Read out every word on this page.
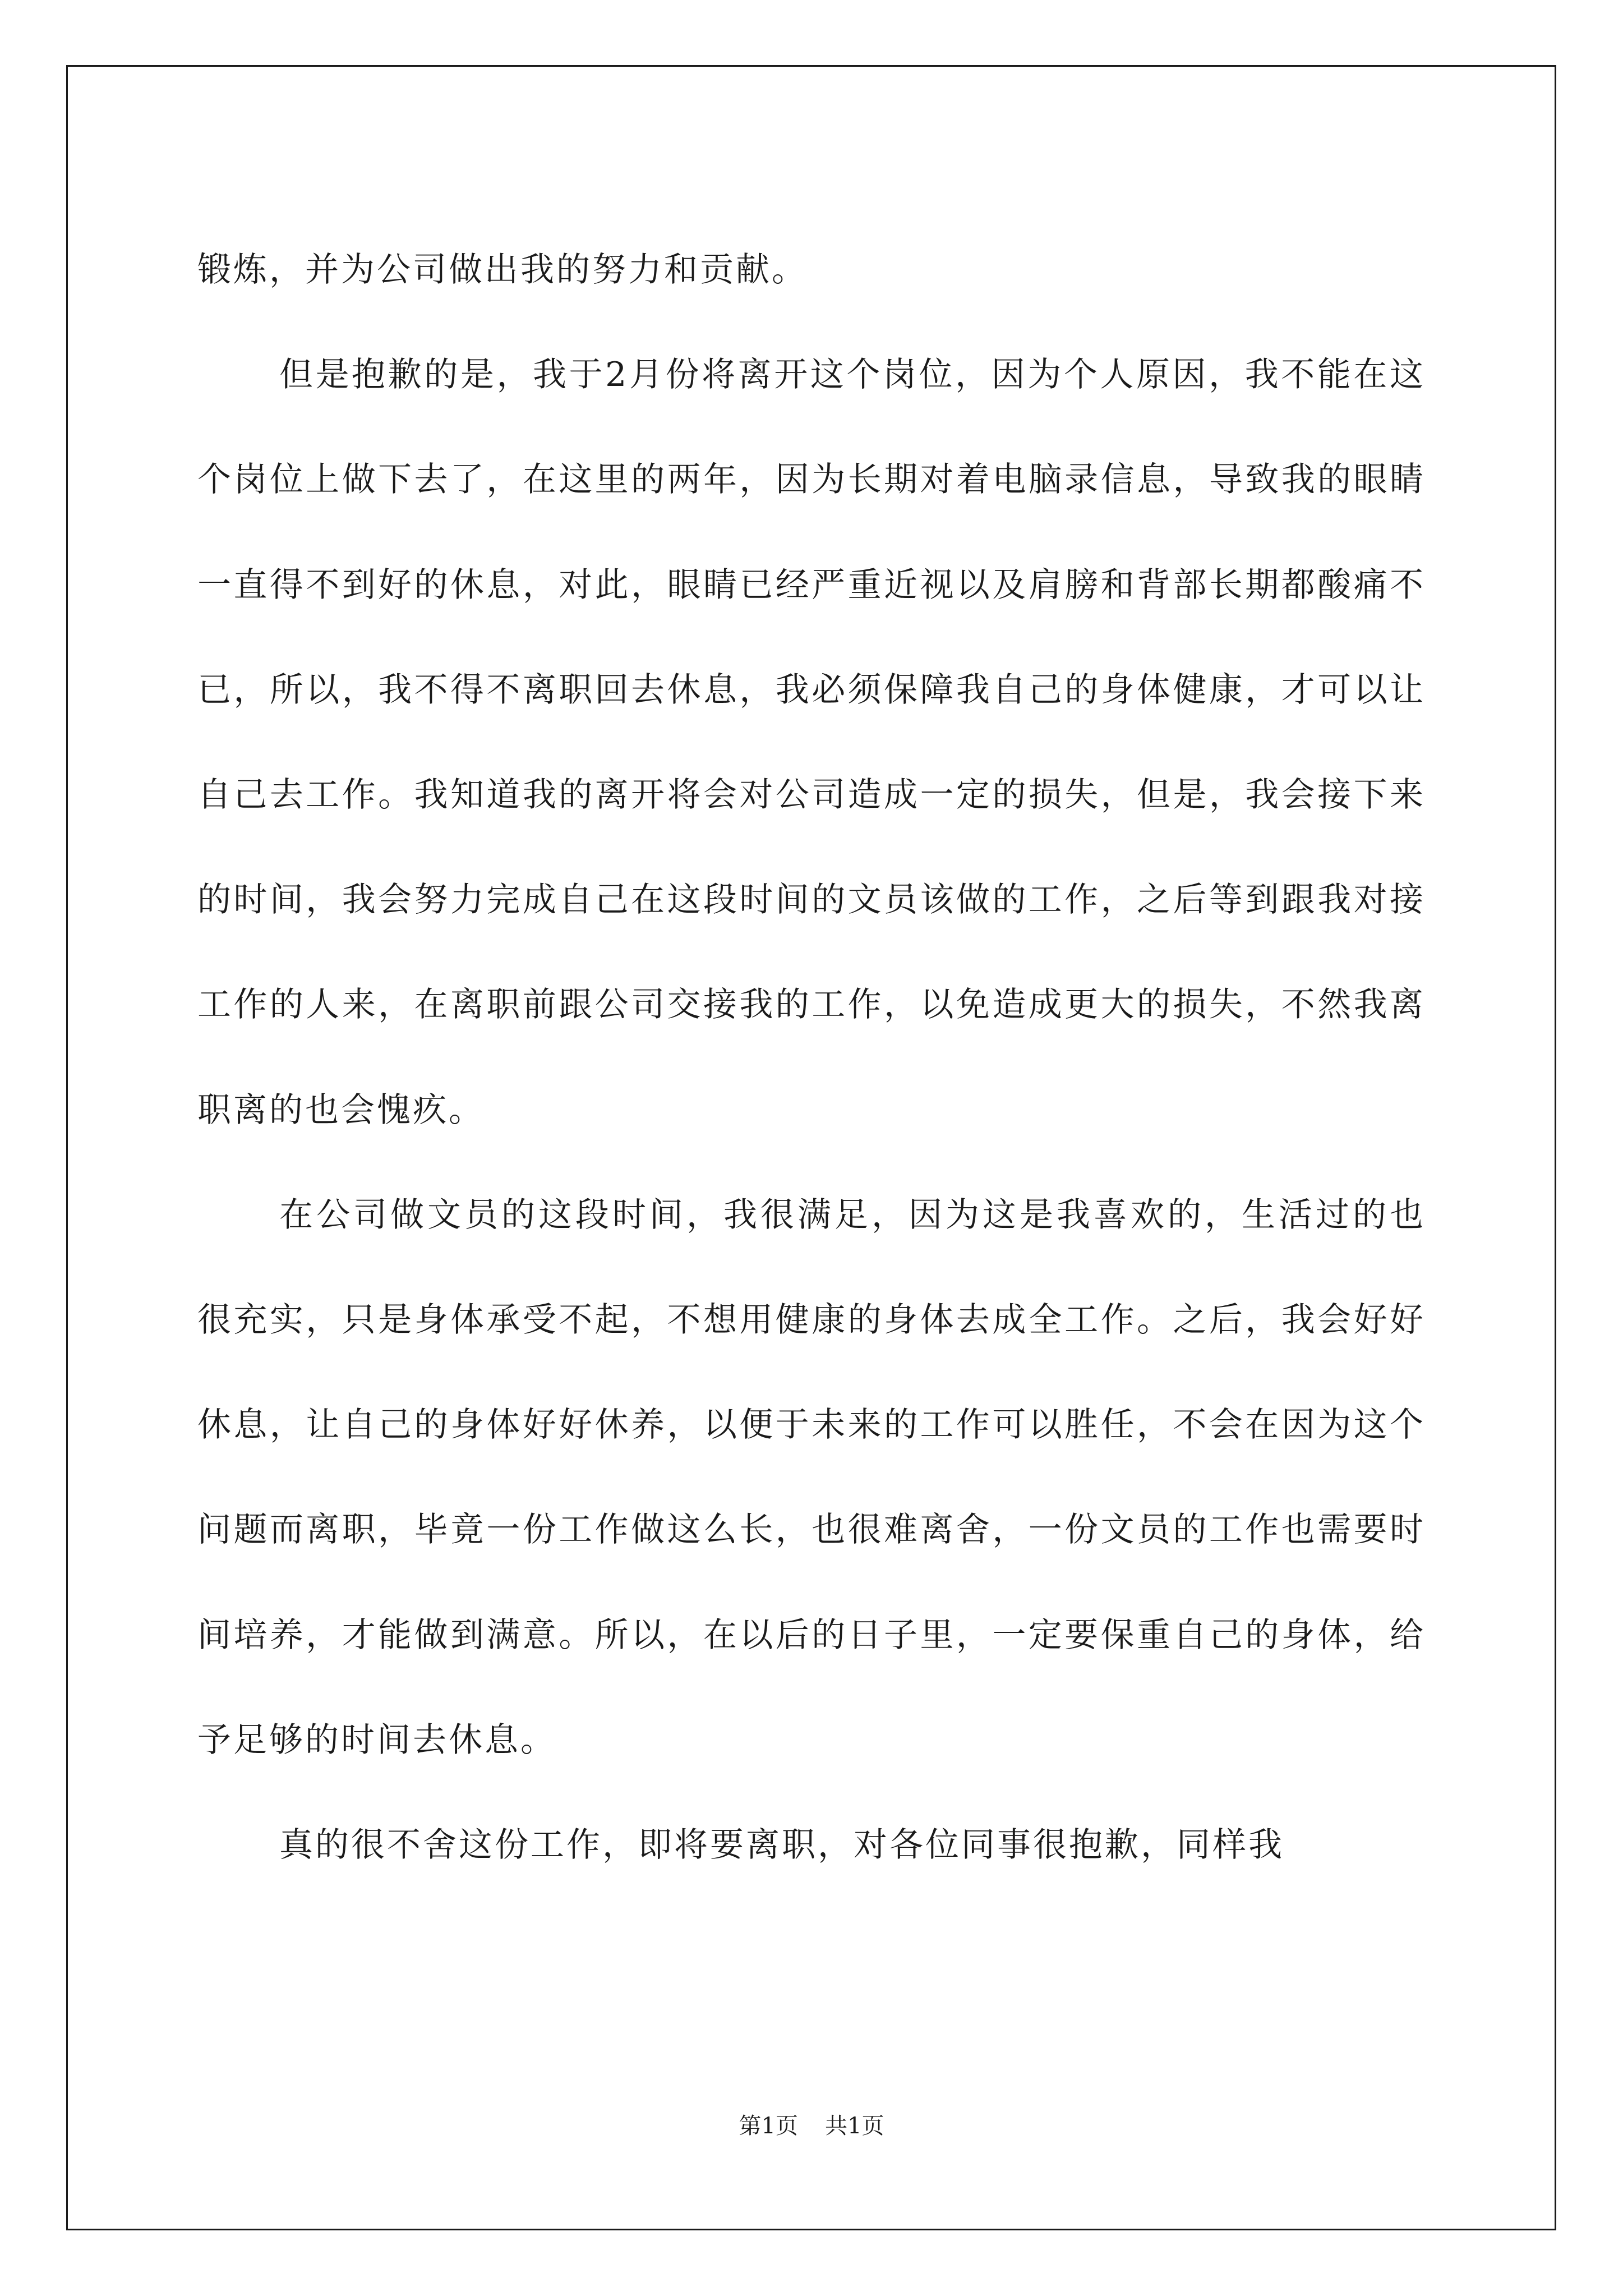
锻炼，并为公司做出我的努力和贡献。

但是抱歉的是，我于2月份将离开这个岗位，因为个人原因，我不能在这个岗位上做下去了，在这里的两年，因为长期对着电脑录信息，导致我的眼睛一直得不到好的休息，对此，眼睛已经严重近视以及肩膀和背部长期都酸痛不已，所以，我不得不离职回去休息，我必须保障我自己的身体健康，才可以让自己去工作。我知道我的离开将会对公司造成一定的损失，但是，我会接下来的时间，我会努力完成自己在这段时间的文员该做的工作，之后等到跟我对接工作的人来，在离职前跟公司交接我的工作，以免造成更大的损失，不然我离职离的也会愧疚。

在公司做文员的这段时间，我很满足，因为这是我喜欢的，生活过的也很充实，只是身体承受不起，不想用健康的身体去成全工作。之后，我会好好休息，让自己的身体好好休养，以便于未来的工作可以胜任，不会在因为这个问题而离职，毕竟一份工作做这么长，也很难离舍，一份文员的工作也需要时间培养，才能做到满意。所以，在以后的日子里，一定要保重自己的身体，给予足够的时间去休息。

真的很不舍这份工作，即将要离职，对各位同事很抱歉，同样我

第1页 共1页
